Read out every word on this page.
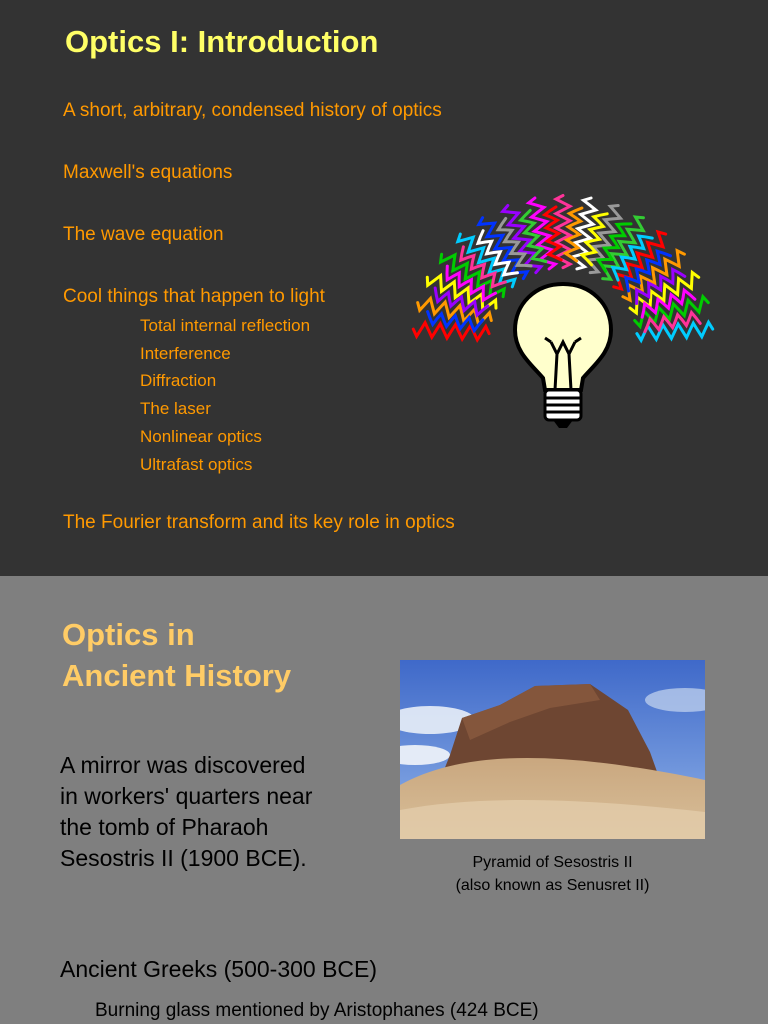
Optics I: Introduction
A short, arbitrary, condensed history of optics
Maxwell's equations
The wave equation
Cool things that happen to light
Total internal reflection
Interference
Diffraction
The laser
Nonlinear optics
Ultrafast optics
The Fourier transform and its key role in optics
Optics in
Ancient History
A mirror was discovered
in workers' quarters near
the tomb of Pharaoh
Sesostris II (1900 BCE).	Pyramid of Sesostris II
(also known as Senusret II)
Ancient Greeks (500-300 BCE)
Burning glass mentioned by Aristophanes (424 BCE)
